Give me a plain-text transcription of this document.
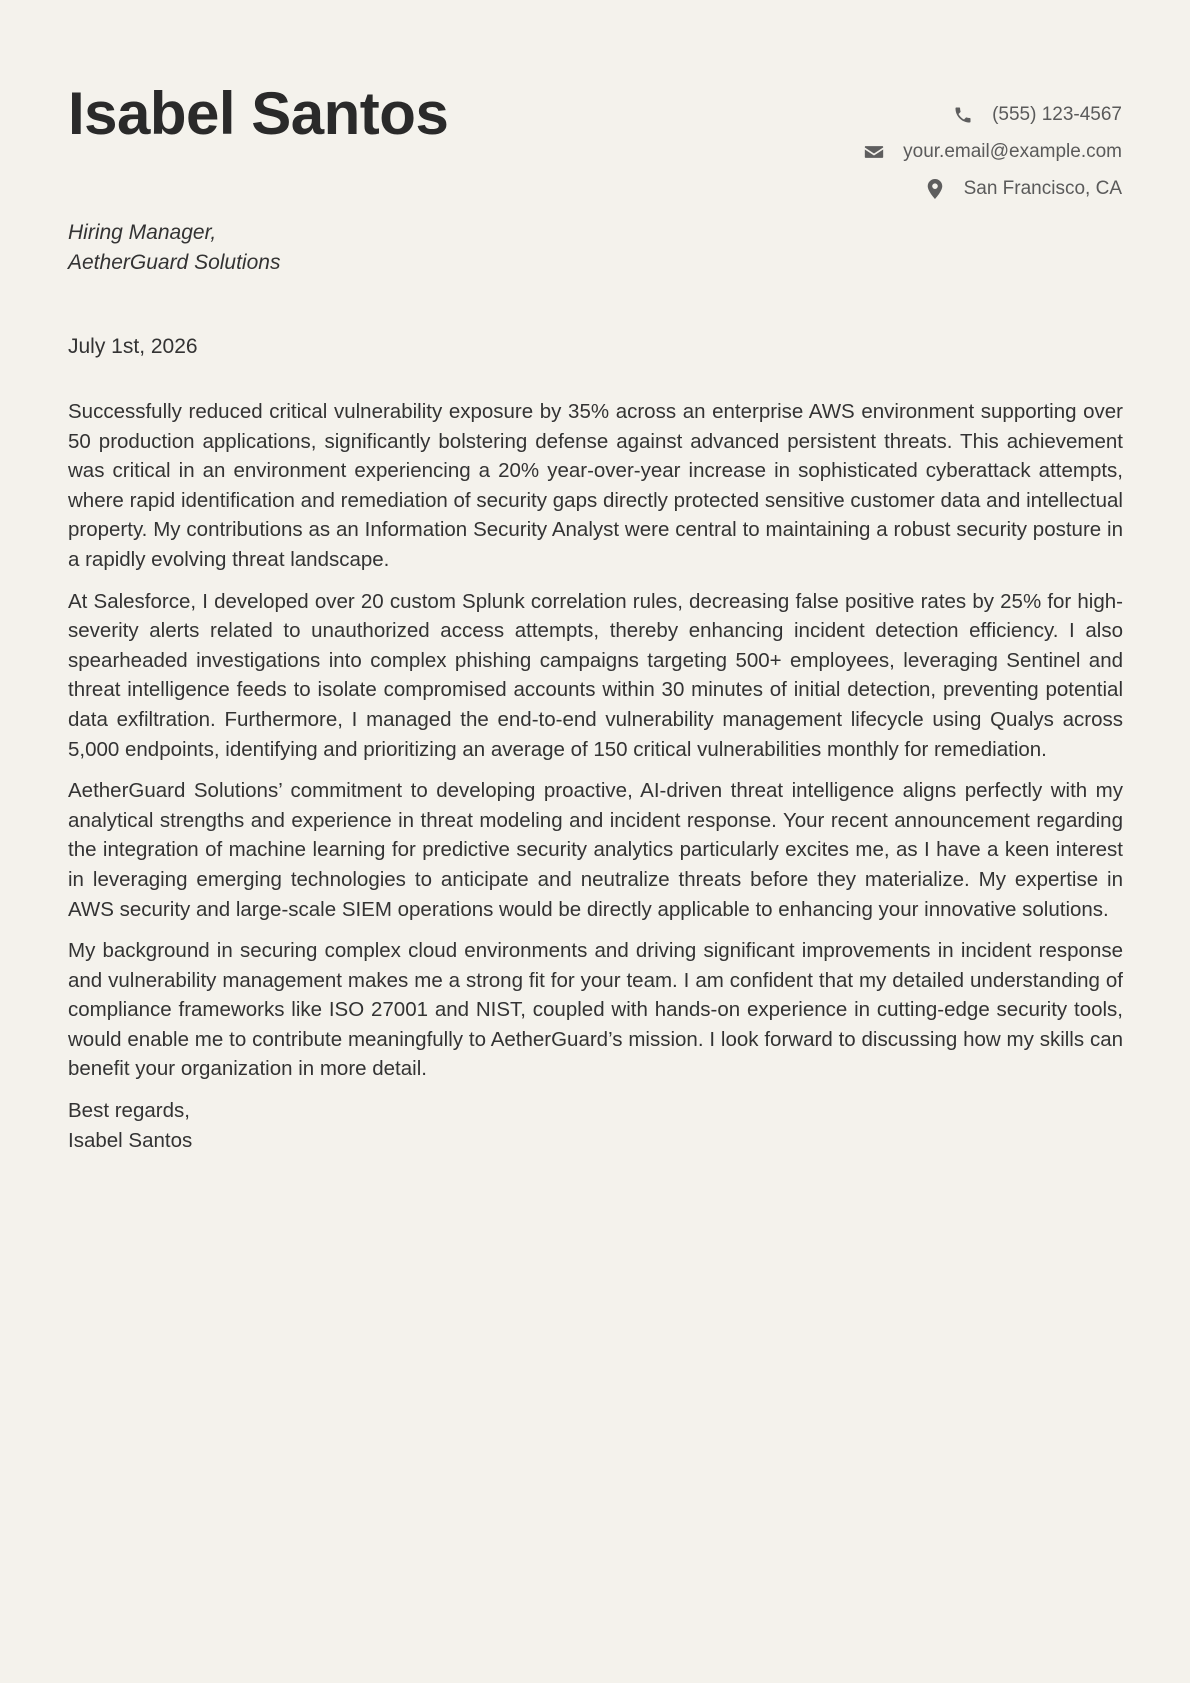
Isabel Santos	(555) 123-4567
your.email@example.com
San Francisco, CA
Hiring Manager,
AetherGuard Solutions
July 1st, 2026

Successfully reduced critical vulnerability exposure by 35% across an enterprise AWS environment supporting over 50 production applications, significantly bolstering defense against advanced persistent threats. This achievement was critical in an environment experiencing a 20% year-over-year increase in sophisticated cyberattack attempts, where rapid identification and remediation of security gaps directly protected sensitive customer data and intellectual property. My contributions as an Information Security Analyst were central to maintaining a robust security posture in a rapidly evolving threat landscape.

At Salesforce, I developed over 20 custom Splunk correlation rules, decreasing false positive rates by 25% for high-severity alerts related to unauthorized access attempts, thereby enhancing incident detection efficiency. I also spearheaded investigations into complex phishing campaigns targeting 500+ employees, leveraging Sentinel and threat intelligence feeds to isolate compromised accounts within 30 minutes of initial detection, preventing potential data exfiltration. Furthermore, I managed the end-to-end vulnerability management lifecycle using Qualys across 5,000 endpoints, identifying and prioritizing an average of 150 critical vulnerabilities monthly for remediation.

AetherGuard Solutions’ commitment to developing proactive, AI-driven threat intelligence aligns perfectly with my analytical strengths and experience in threat modeling and incident response. Your recent announcement regarding the integration of machine learning for predictive security analytics particularly excites me, as I have a keen interest in leveraging emerging technologies to anticipate and neutralize threats before they materialize. My expertise in AWS security and large-scale SIEM operations would be directly applicable to enhancing your innovative solutions.

My background in securing complex cloud environments and driving significant improvements in incident response and vulnerability management makes me a strong fit for your team. I am confident that my detailed understanding of compliance frameworks like ISO 27001 and NIST, coupled with hands-on experience in cutting-edge security tools, would enable me to contribute meaningfully to AetherGuard’s mission. I look forward to discussing how my skills can benefit your organization in more detail.

Best regards,
Isabel Santos
